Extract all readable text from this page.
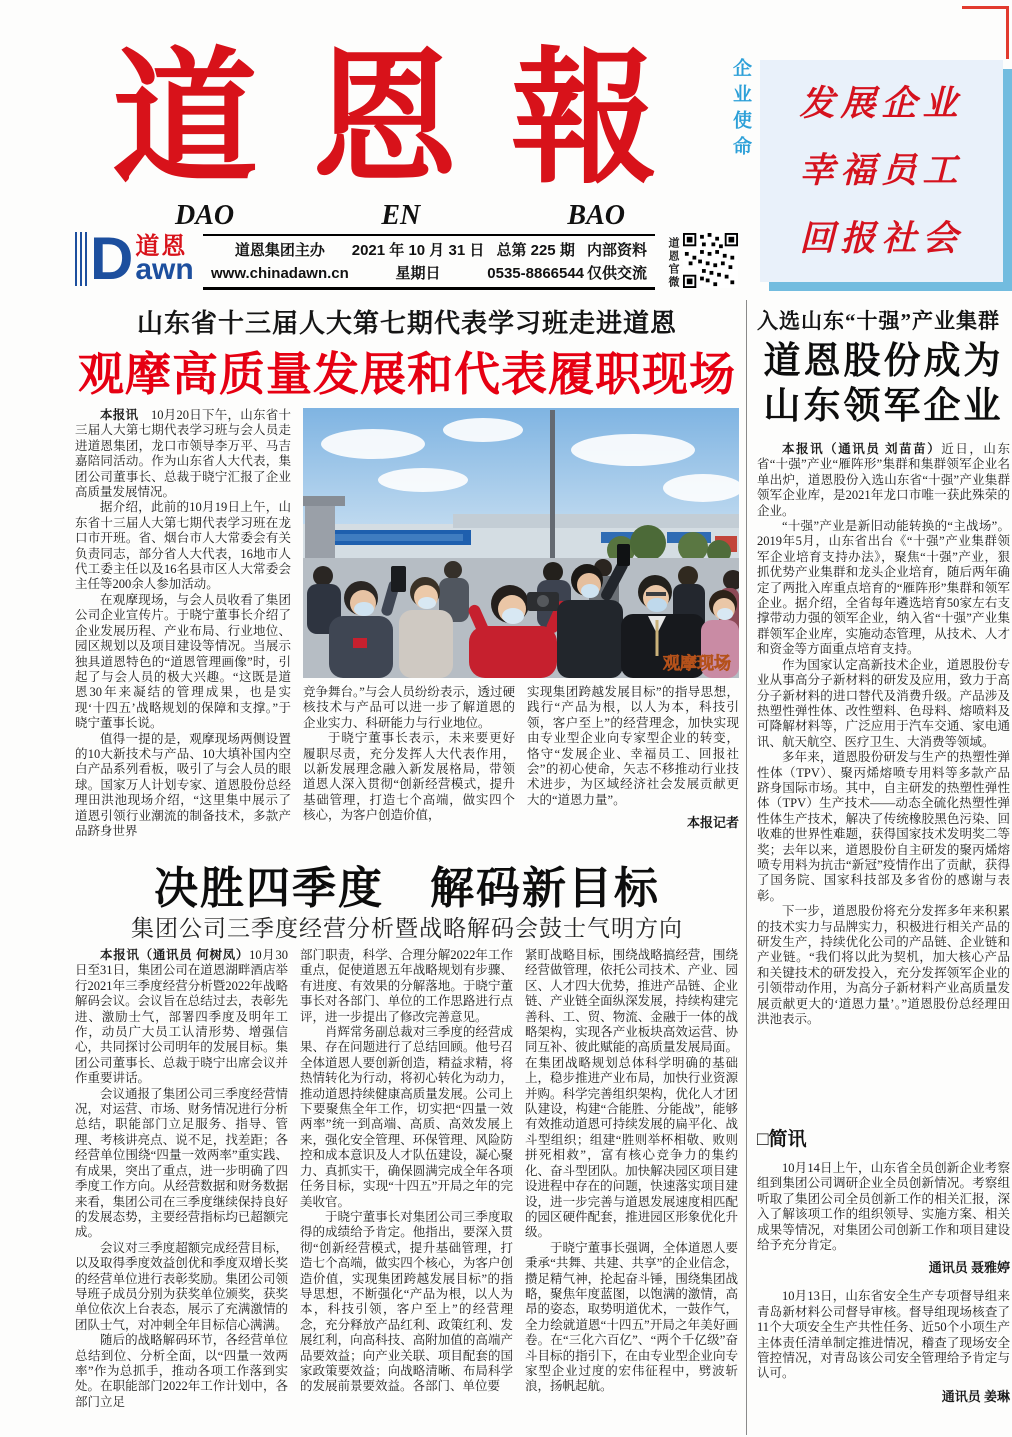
道 恩 報
DAO	EN	BAO
企业使命 发展企业
幸福员工
回报社会
D 道恩
awn
道恩集团主办
www.chinadawn.cn
2021 年 10 月 31 日
星期日
总第 225 期
0535-8866544
内部资料
仅供交流 道恩官微
山东省十三届人大第七期代表学习班走进道恩
观摩高质量发展和代表履职现场

本报讯　10月20日下午，山东省十三届人大第七期代表学习班与会人员走进道恩集团，龙口市领导李万平、马吉嘉陪同活动。作为山东省人大代表，集团公司董事长、总裁于晓宁汇报了企业高质量发展情况。

据介绍，此前的10月19日上午，山东省十三届人大第七期代表学习班在龙口市开班。省、烟台市人大常委会有关负责同志，部分省人大代表，16地市人代工委主任以及16名县市区人大常委会主任等200余人参加活动。

在观摩现场，与会人员收看了集团公司企业宣传片。于晓宁董事长介绍了企业发展历程、产业布局、行业地位、园区规划以及项目建设等情况。当展示独具道恩特色的“道恩管理画像”时，引起了与会人员的极大兴趣。“这既是道恩30年来凝结的管理成果，也是实现‘十四五’战略规划的保障和支撑。”于晓宁董事长说。

值得一提的是，观摩现场两侧设置的10大新技术与产品、10大填补国内空白产品系列看板，吸引了与会人员的眼球。国家万人计划专家、道恩股份总经理田洪池现场介绍，“这里集中展示了道恩引领行业潮流的制备技术，多款产品跻身世界

观摩现场

竞争舞台。”与会人员纷纷表示，透过硬核技术与产品可以进一步了解道恩的企业实力、科研能力与行业地位。

于晓宁董事长表示，未来要更好履职尽责，充分发挥人大代表作用，以新发展理念融入新发展格局，带领道恩人深入贯彻“创新经营模式，提升基础管理，打造七个高端，做实四个核心，为客户创造价值，

实现集团跨越发展目标”的指导思想，践行“产品为根，以人为本，科技引领，客户至上”的经营理念，加快实现由专业型企业向专家型企业的转变，恪守“发展企业、幸福员工、回报社会”的初心使命，矢志不移推动行业技术进步，为区域经济社会发展贡献更大的“道恩力量”。

本报记者

决胜四季度　解码新目标
集团公司三季度经营分析暨战略解码会鼓士气明方向

本报讯（通讯员 何树凤）10月30日至31日，集团公司在道恩湖畔酒店举行2021年三季度经营分析暨2022年战略解码会议。会议旨在总结过去，表彰先进、激励士气，部署四季度及明年工作，动员广大员工认清形势、增强信心，共同探讨公司明年的发展目标。集团公司董事长、总裁于晓宁出席会议并作重要讲话。

会议通报了集团公司三季度经营情况，对运营、市场、财务情况进行分析总结，职能部门立足服务、指导、管理、考核讲亮点、说不足，找差距；各经营单位围绕“四量一效两率”重实践、有成果，突出了重点，进一步明确了四季度工作方向。从经营数据和财务数据来看，集团公司在三季度继续保持良好的发展态势，主要经营指标均已超额完成。

会议对三季度超额完成经营目标，以及取得季度效益创优和季度双增长奖的经营单位进行表彰奖励。集团公司领导班子成员分别为获奖单位颁奖，获奖单位依次上台表态，展示了充满激情的团队士气，对冲刺全年目标信心满满。

随后的战略解码环节，各经营单位总结到位、分析全面，以“四量一效两率”作为总抓手，推动各项工作落到实处。在职能部门2022年工作计划中，各部门立足

部门职责，科学、合理分解2022年工作重点，促使道恩五年战略规划有步骤、有进度、有效果的分解落地。于晓宁董事长对各部门、单位的工作思路进行点评，进一步提出了修改完善意见。

肖辉常务副总裁对三季度的经营成果、存在问题进行了总结回顾。他号召全体道恩人要创新创造，精益求精，将热情转化为行动，将初心转化为动力，推动道恩持续健康高质量发展。公司上下要聚焦全年工作，切实把“四量一效两率”统一到高端、高质、高效发展上来，强化安全管理、环保管理、风险防控和成本意识及人才队伍建设，凝心聚力、真抓实干，确保圆满完成全年各项任务目标，实现“十四五”开局之年的完美收官。

于晓宁董事长对集团公司三季度取得的成绩给予肯定。他指出，要深入贯彻“创新经营模式，提升基础管理，打造七个高端，做实四个核心，为客户创造价值，实现集团跨越发展目标”的指导思想，不断强化“产品为根，以人为本，科技引领，客户至上”的经营理念，充分释放产品红利、政策红利、发展红利，向高科技、高附加值的高端产品要效益；向产业关联、项目配套的国家政策要效益；向战略清晰、布局科学的发展前景要效益。各部门、单位要

紧盯战略目标，围绕战略搞经营，围绕经营做管理，依托公司技术、产业、园区、人才四大优势，推进产品链、企业链、产业链全面纵深发展，持续构建完善科、工、贸、物流、金融于一体的战略架构，实现各产业板块高效运营、协同互补、彼此赋能的高质量发展局面。在集团战略规划总体科学明确的基础上，稳步推进产业布局，加快行业资源并购。科学完善组织架构，优化人才团队建设，构建“合能胜、分能战”，能够有效推动道恩可持续发展的扁平化、战斗型组织；组建“胜则举杯相敬、败则拼死相救”，富有核心竞争力的集约化、奋斗型团队。加快解决园区项目建设进程中存在的问题，快速落实项目建设，进一步完善与道恩发展速度相匹配的园区硬件配套，推进园区形象优化升级。

于晓宁董事长强调，全体道恩人要秉承“共舞、共建、共享”的企业信念，攒足精气神，抡起奋斗锤，围绕集团战略，聚焦年度蓝图，以饱满的激情，高昂的姿态，取势明道优术，一鼓作气，全力绘就道恩“十四五”开局之年美好画卷。在“三化六百亿”、“两个千亿级”奋斗目标的指引下，在由专业型企业向专家型企业过度的宏伟征程中，劈波斩浪，扬帆起航。

入选山东“十强”产业集群
道恩股份成为
山东领军企业

本报讯（通讯员 刘苗苗）近日，山东省“十强”产业“雁阵形”集群和集群领军企业名单出炉，道恩股份入选山东省“十强”产业集群领军企业库，是2021年龙口市唯一获此殊荣的企业。

“十强”产业是新旧动能转换的“主战场”。2019年5月，山东省出台《“十强”产业集群领军企业培育支持办法》，聚焦“十强”产业，狠抓优势产业集群和龙头企业培育，随后两年确定了两批入库重点培育的“雁阵形”集群和领军企业。据介绍，全省每年遴选培育50家左右支撑带动力强的领军企业，纳入省“十强”产业集群领军企业库，实施动态管理，从技术、人才和资金等方面重点培育支持。

作为国家认定高新技术企业，道恩股份专业从事高分子新材料的研发及应用，致力于高分子新材料的进口替代及消费升级。产品涉及热塑性弹性体、改性塑料、色母料、熔喷料及可降解材料等，广泛应用于汽车交通、家电通讯、航天航空、医疗卫生、大消费等领域。

多年来，道恩股份研发与生产的热塑性弹性体（TPV）、聚丙烯熔喷专用料等多款产品跻身国际市场。其中，自主研发的热塑性弹性体（TPV）生产技术——动态全硫化热塑性弹性体生产技术，解决了传统橡胶黑色污染、回收难的世界性难题，获得国家技术发明奖二等奖；去年以来，道恩股份自主研发的聚丙烯熔喷专用料为抗击“新冠”疫情作出了贡献，获得了国务院、国家科技部及多省份的感谢与表彰。

下一步，道恩股份将充分发挥多年来积累的技术实力与品牌实力，积极进行相关产品的研发生产，持续优化公司的产品链、企业链和产业链。“我们将以此为契机，加大核心产品和关键技术的研发投入，充分发挥领军企业的引领带动作用，为高分子新材料产业高质量发展贡献更大的‘道恩力量’。”道恩股份总经理田洪池表示。

□简讯

10月14日上午，山东省全员创新企业考察组到集团公司调研企业全员创新情况。考察组听取了集团公司全员创新工作的相关汇报，深入了解该项工作的组织领导、实施方案、相关成果等情况，对集团公司创新工作和项目建设给予充分肯定。

通讯员 聂雅婷

10月13日，山东省安全生产专项督导组来青岛新材料公司督导审核。督导组现场核查了11个大项安全生产共性任务、近50个小项生产主体责任清单制定推进情况，稽查了现场安全管控情况，对青岛该公司安全管理给予肯定与认可。

通讯员 姜琳
